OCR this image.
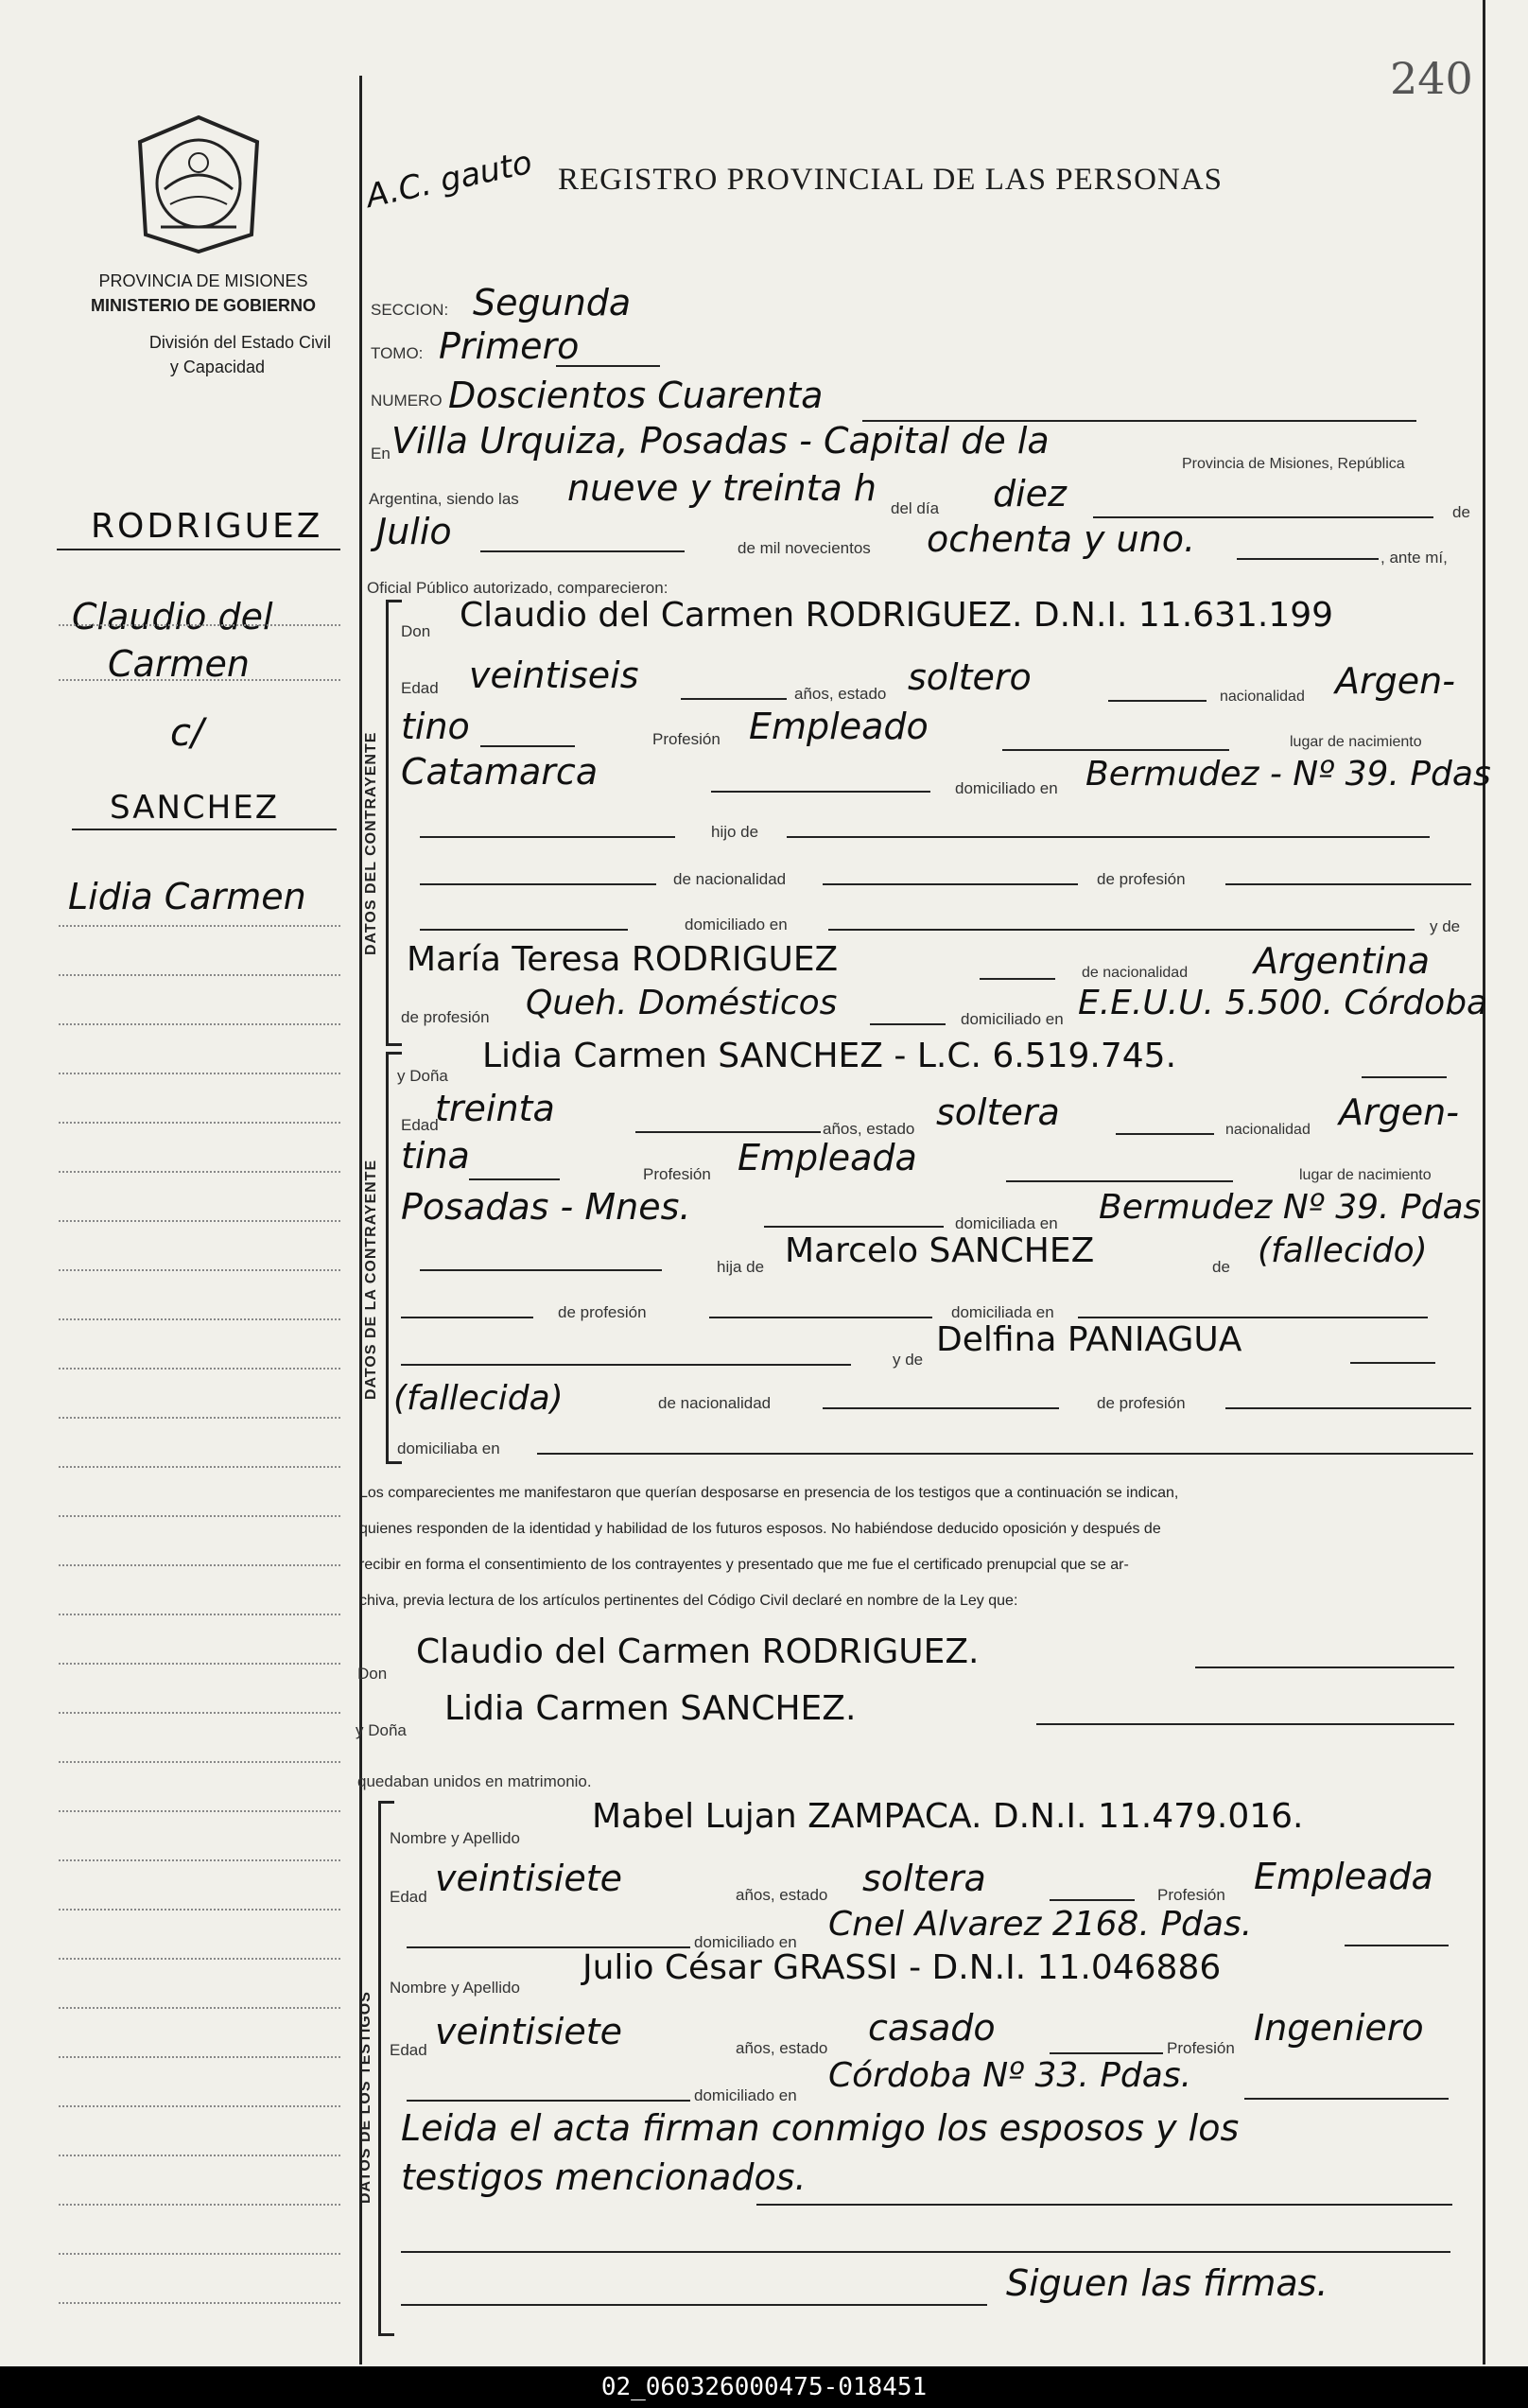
PROVINCIA DE MISIONES
MINISTERIO DE GOBIERNO
División del Estado Civil
y Capacidad
RODRIGUEZ
Claudio del
Carmen
c/
SANCHEZ
Lidia Carmen
240
A.C. gauto REGISTRO PROVINCIAL DE LAS PERSONAS
SECCION: Segunda
TOMO: Primero
NUMERO Doscientos Cuarenta
En Villa Urquiza, Posadas - Capital de la
Provincia de Misiones, República
Argentina, siendo las nueve y treinta h del día diez	de
Julio	de mil novecientos ochenta y uno.	, ante mí,
Oficial Público autorizado, comparecieron:
DATOS DEL CONTRAYENTE
Don Claudio del Carmen RODRIGUEZ. D.N.I. 11.631.199
Edad veintiseis	años, estado soltero	nacionalidad Argen-
tino	Profesión Empleado	lugar de nacimiento
Catamarca	domiciliado en Bermudez - Nº 39. Pdas
hijo de
de nacionalidad	de profesión
domiciliado en	y de
María Teresa RODRIGUEZ	de nacionalidad Argentina
de profesión Queh. Domésticos	domiciliado en E.E.U.U. 5.500. Córdoba
DATOS DE LA CONTRAYENTE
y Doña
Lidia Carmen SANCHEZ - L.C. 6.519.745.
Edad
treinta	años, estado soltera	nacionalidad Argen-
tina	Profesión Empleada	lugar de nacimiento
Posadas - Mnes.	domiciliada en Bermudez Nº 39. Pdas
hija de Marcelo SANCHEZ	de (fallecido)
de profesión	domiciliada en
y de
Delfina PANIAGUA
(fallecida)	de nacionalidad	de profesión
domiciliaba en
Los comparecientes me manifestaron que querían desposarse en presencia de los testigos que a continuación se indican,
quienes responden de la identidad y habilidad de los futuros esposos. No habiéndose deducido oposición y después de
recibir en forma el consentimiento de los contrayentes y presentado que me fue el certificado prenupcial que se ar-
chiva, previa lectura de los artículos pertinentes del Código Civil declaré en nombre de la Ley que:
Don
Claudio del Carmen RODRIGUEZ.
y Doña
Lidia Carmen SANCHEZ.
quedaban unidos en matrimonio.
DATOS DE LOS TESTIGOS
Nombre y Apellido
Mabel Lujan ZAMPACA. D.N.I. 11.479.016.
Edad veintisiete	años, estado soltera	Profesión Empleada
domiciliado en Cnel Alvarez 2168. Pdas.
Nombre y Apellido
Julio César GRASSI - D.N.I. 11.046886
Edad veintisiete	años, estado casado	Profesión Ingeniero
domiciliado en
Córdoba Nº 33. Pdas.
Leida el acta firman conmigo los esposos y los
testigos mencionados.
Siguen las firmas.
02_060326000475-018451
